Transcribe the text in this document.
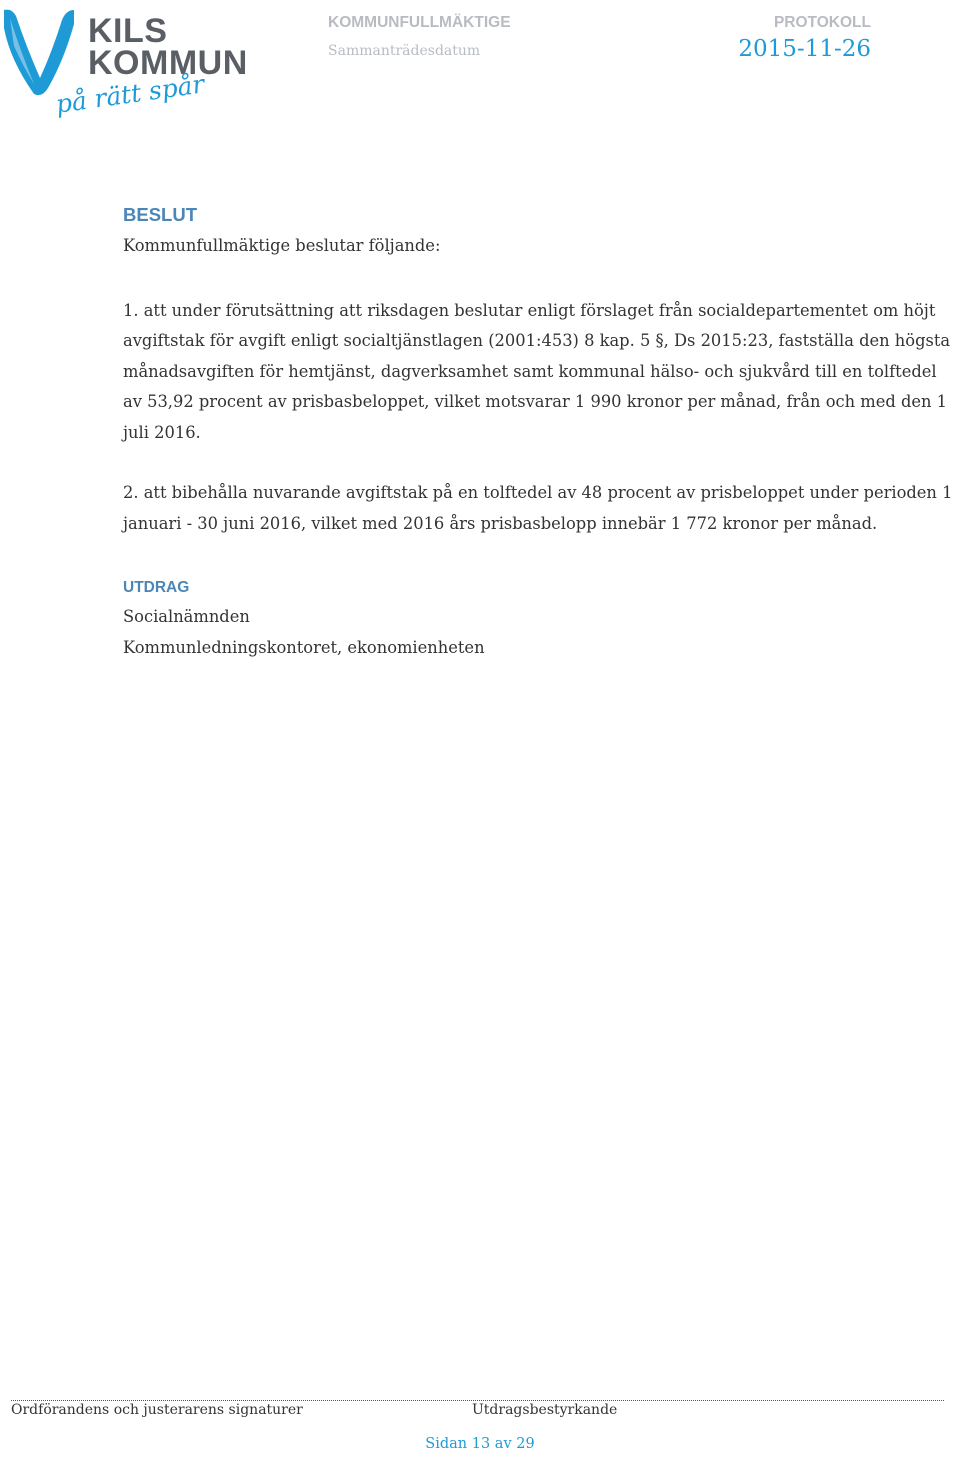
KILS
KOMMUN
på rätt spår
KOMMUNFULLMÄKTIGE
Sammanträdesdatum
PROTOKOLL
2015-11-26
BESLUT

Kommunfullmäktige beslutar följande:

1. att under förutsättning att riksdagen beslutar enligt förslaget från socialdepartementet om höjt avgiftstak för avgift enligt socialtjänstlagen (2001:453) 8 kap. 5 §, Ds 2015:23, fastställa den högsta månadsavgiften för hemtjänst, dagverksamhet samt kommunal hälso- och sjukvård till en tolftedel av 53,92 procent av prisbasbeloppet, vilket motsvarar 1 990 kronor per månad, från och med den 1 juli 2016.

2. att bibehålla nuvarande avgiftstak på en tolftedel av 48 procent av prisbeloppet under perioden 1 januari - 30 juni 2016, vilket med 2016 års prisbasbelopp innebär 1 772 kronor per månad.

UTDRAG

Socialnämnden

Kommunledningskontoret, ekonomienheten

Ordförandens och justerarens signaturer	Utdragsbestyrkande
Sidan 13 av 29
